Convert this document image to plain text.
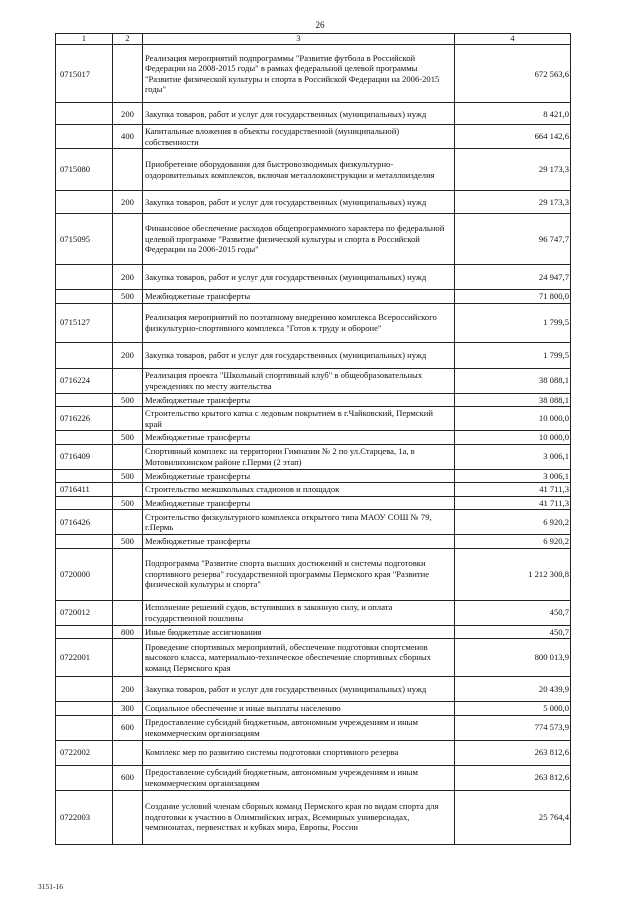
26
1	2	3	4
0715017		Реализация мероприятий подпрограммы "Развитие футбола в Российской Федерации на 2008-2015 годы" в рамках федеральной целевой программы "Развитие физической культуры и спорта в Российской Федерации на 2006-2015 годы"	672 563,6
	200	Закупка товаров, работ и услуг для государственных (муниципальных) нужд	8 421,0
	400	Капитальные вложения в объекты государственной (муниципальной) собственности	664 142,6
0715080		Приобретение оборудования для быстровозводимых физкультурно-оздоровительных комплексов, включая металлоконструкции и металлоизделия	29 173,3
	200	Закупка товаров, работ и услуг для государственных (муниципальных) нужд	29 173,3
0715095		Финансовое обеспечение расходов общепрограммного характера по федеральной целевой программе "Развитие физической культуры и спорта в Российской Федерации на 2006-2015 годы"	96 747,7
	200	Закупка товаров, работ и услуг для государственных (муниципальных) нужд	24 947,7
	500	Межбюджетные трансферты	71 800,0
0715127		Реализация мероприятий по поэтапному внедрению комплекса Всероссийского физкультурно-спортивного комплекса "Готов к труду и обороне"	1 799,5
	200	Закупка товаров, работ и услуг для государственных (муниципальных) нужд	1 799,5
0716224		Реализация проекта "Школьный спортивный клуб" в общеобразовательных учреждениях по месту жительства	38 088,1
	500	Межбюджетные трансферты	38 088,1
0716226		Строительство крытого катка с ледовым покрытием в г.Чайковский, Пермский край	10 000,0
	500	Межбюджетные трансферты	10 000,0
0716409		Спортивный комплекс на территории Гимназии № 2 по ул.Старцева, 1а, в Мотовилихинском районе г.Перми (2 этап)	3 006,1
	500	Межбюджетные трансферты	3 006,1
0716411		Строительство межшкольных стадионов и площадок	41 711,3
	500	Межбюджетные трансферты	41 711,3
0716426		Строительство физкультурного комплекса открытого типа МАОУ СОШ № 79, г.Пермь	6 920,2
	500	Межбюджетные трансферты	6 920,2
0720000		Подпрограмма "Развитие спорта высших достижений и системы подготовки спортивного резерва" государственной программы Пермского края "Развитие физической культуры и спорта"	1 212 300,8
0720012		Исполнение решений судов, вступивших в законную силу, и оплата государственной пошлины	450,7
	800	Иные бюджетные ассигнования	450,7
0722001		Проведение спортивных мероприятий, обеспечение подготовки спортсменов высокого класса, материально-техническое обеспечение спортивных сборных команд Пермского края	800 013,9
	200	Закупка товаров, работ и услуг для государственных (муниципальных) нужд	20 439,9
	300	Социальное обеспечение и иные выплаты населению	5 000,0
	600	Предоставление субсидий бюджетным, автономным учреждениям и иным некоммерческим организациям	774 573,9
0722002		Комплекс мер по развитию системы подготовки спортивного резерва	263 812,6
	600	Предоставление субсидий бюджетным, автономным учреждениям и иным некоммерческим организациям	263 812,6
0722003		Создание условий членам сборных команд Пермского края по видам спорта для подготовки к участию в Олимпийских играх, Всемирных универсиадах, чемпионатах, первенствах и кубках мира, Европы, России	25 764,4
3151-16
